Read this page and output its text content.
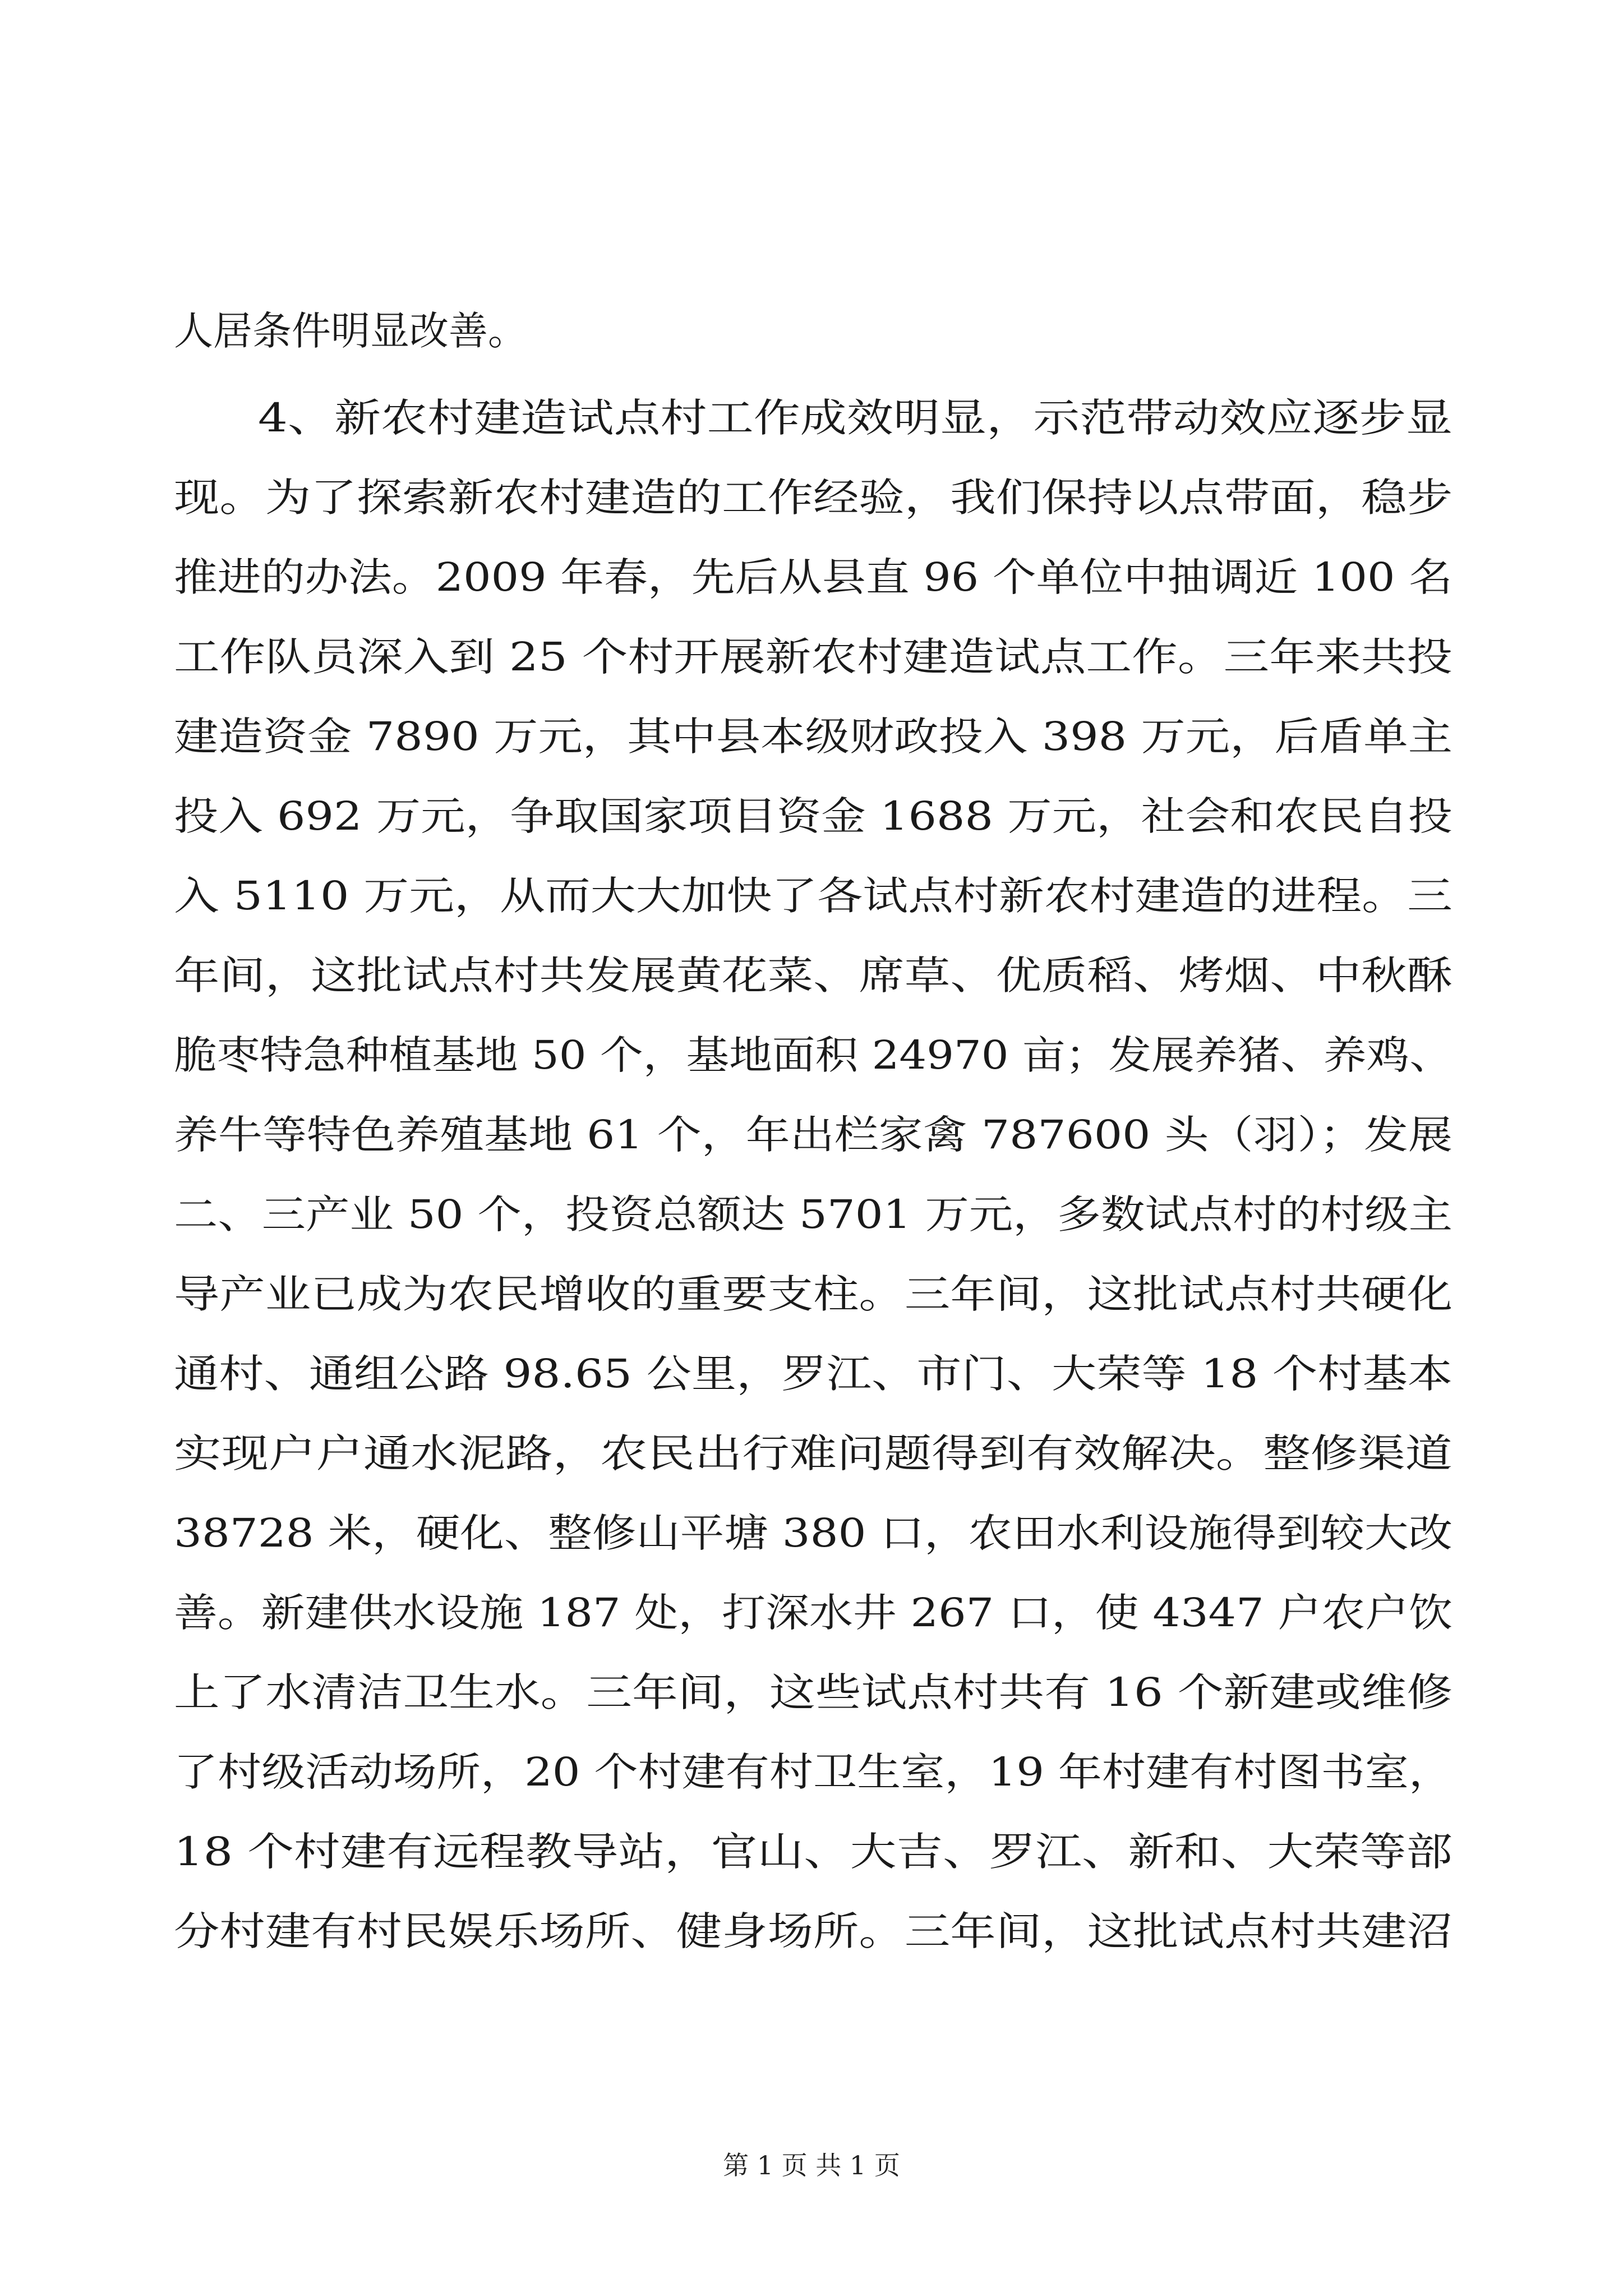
人居条件明显改善。
4、新农村建造试点村工作成效明显，示范带动效应逐步显
现。为了探索新农村建造的工作经验，我们保持以点带面，稳步
推进的办法。2009 年春，先后从县直 96 个单位中抽调近 100 名
工作队员深入到 25 个村开展新农村建造试点工作。三年来共投
建造资金 7890 万元，其中县本级财政投入 398 万元，后盾单主
投入 692 万元，争取国家项目资金 1688 万元，社会和农民自投
入 5110 万元，从而大大加快了各试点村新农村建造的进程。三
年间，这批试点村共发展黄花菜、席草、优质稻、烤烟、中秋酥
脆枣特急种植基地 50 个，基地面积 24970 亩；发展养猪、养鸡、
养牛等特色养殖基地 61 个，年出栏家禽 787600 头（羽）；发展
二、三产业 50 个，投资总额达 5701 万元，多数试点村的村级主
导产业已成为农民增收的重要支柱。三年间，这批试点村共硬化
通村、通组公路 98.65 公里，罗江、市门、大荣等 18 个村基本
实现户户通水泥路，农民出行难问题得到有效解决。整修渠道
38728 米，硬化、整修山平塘 380 口，农田水利设施得到较大改
善。新建供水设施 187 处，打深水井 267 口，使 4347 户农户饮
上了水清洁卫生水。三年间，这些试点村共有 16 个新建或维修
了村级活动场所，20 个村建有村卫生室，19 年村建有村图书室，
18 个村建有远程教导站，官山、大吉、罗江、新和、大荣等部
分村建有村民娱乐场所、健身场所。三年间，这批试点村共建沼
第 1 页 共 1 页
